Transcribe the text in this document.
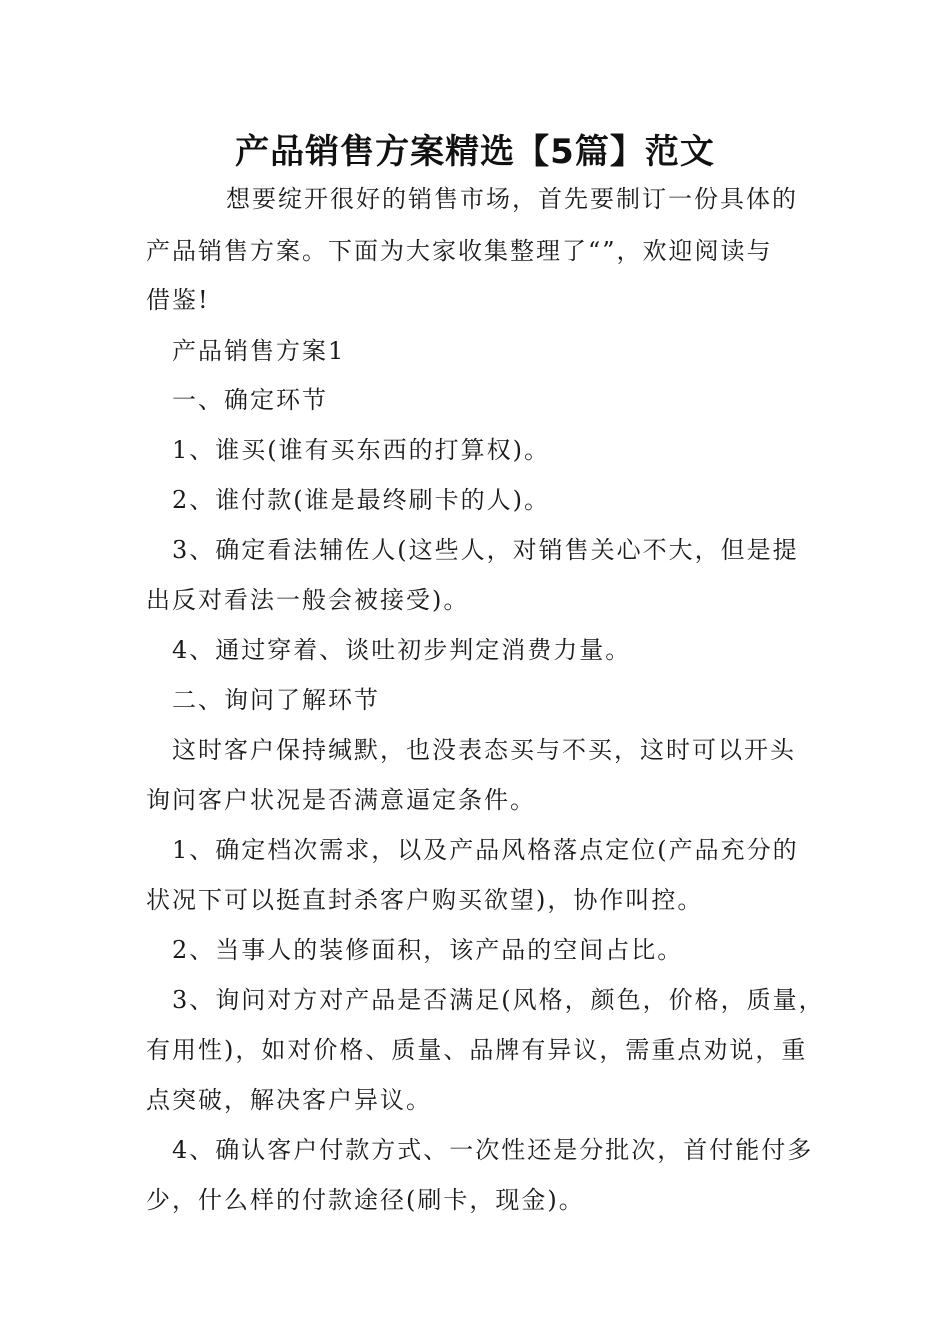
产品销售方案精选【5篇】范文
想要绽开很好的销售市场，首先要制订一份具体的
产品销售方案。下面为大家收集整理了“”，欢迎阅读与
借鉴!
产品销售方案1
一、确定环节
1、谁买(谁有买东西的打算权)。
2、谁付款(谁是最终刷卡的人)。
3、确定看法辅佐人(这些人，对销售关心不大，但是提
出反对看法一般会被接受)。
4、通过穿着、谈吐初步判定消费力量。
二、询问了解环节
这时客户保持缄默，也没表态买与不买，这时可以开头
询问客户状况是否满意逼定条件。
1、确定档次需求，以及产品风格落点定位(产品充分的
状况下可以挺直封杀客户购买欲望)，协作叫控。
2、当事人的装修面积，该产品的空间占比。
3、询问对方对产品是否满足(风格，颜色，价格，质量，
有用性)，如对价格、质量、品牌有异议，需重点劝说，重
点突破，解决客户异议。
4、确认客户付款方式、一次性还是分批次，首付能付多
少，什么样的付款途径(刷卡，现金)。
